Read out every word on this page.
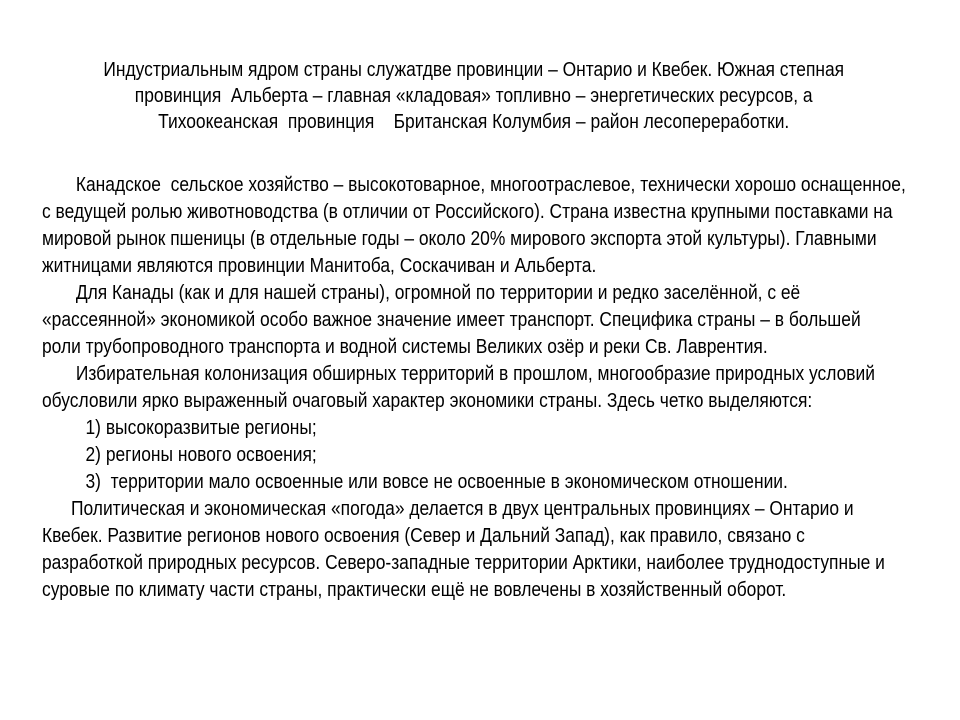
Индустриальным ядром страны служатдве провинции – Онтарио и Квебек. Южная степная
провинция  Альберта – главная «кладовая» топливно – энергетических ресурсов, а
Тихоокеанская  провинция    Британская Колумбия – район лесопереработки.
Канадское  сельское хозяйство – высокотоварное, многоотраслевое, технически хорошо оснащенное,
с ведущей ролью животноводства (в отличии от Российского). Страна известна крупными поставками на
мировой рынок пшеницы (в отдельные годы – около 20% мирового экспорта этой культуры). Главными
житницами являются провинции Манитоба, Соскачиван и Альберта.
Для Канады (как и для нашей страны), огромной по территории и редко заселённой, с её
«рассеянной» экономикой особо важное значение имеет транспорт. Специфика страны – в большей
роли трубопроводного транспорта и водной системы Великих озёр и реки Св. Лаврентия.
Избирательная колонизация обширных территорий в прошлом, многообразие природных условий
обусловили ярко выраженный очаговый характер экономики страны. Здесь четко выделяются:
1) высокоразвитые регионы;
2) регионы нового освоения;
3)  территории мало освоенные или вовсе не освоенные в экономическом отношении.
Политическая и экономическая «погода» делается в двух центральных провинциях – Онтарио и
Квебек. Развитие регионов нового освоения (Север и Дальний Запад), как правило, связано с
разработкой природных ресурсов. Северо-западные территории Арктики, наиболее труднодоступные и
суровые по климату части страны, практически ещё не вовлечены в хозяйственный оборот.
